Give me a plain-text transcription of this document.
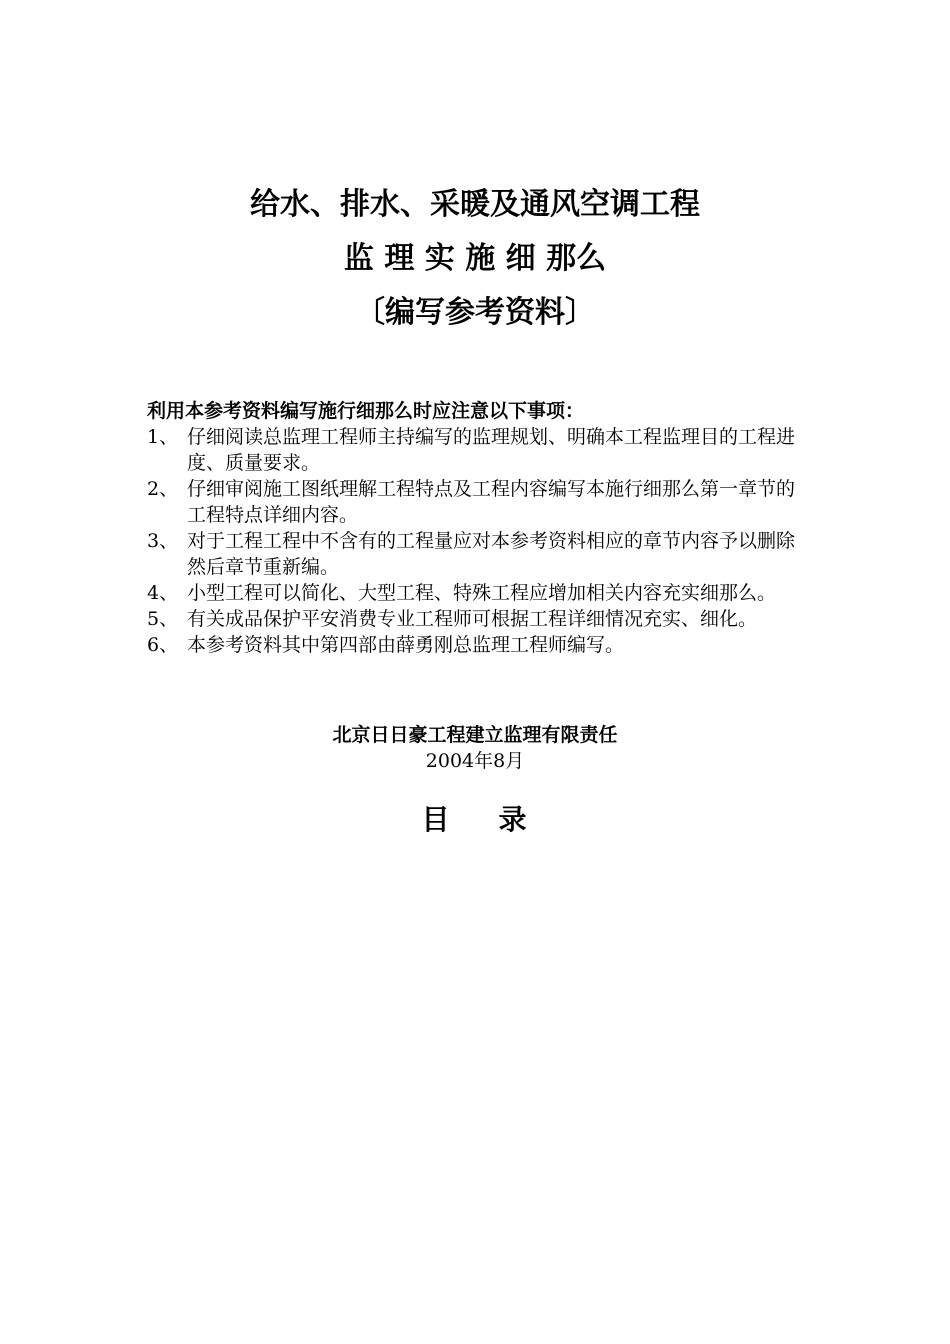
给水、排水、采暖及通风空调工程
监 理 实 施 细 那么
〔编写参考资料〕
利用本参考资料编写施行细那么时应注意以下事项：
1、 仔细阅读总监理工程师主持编写的监理规划、明确本工程监理目的工程进度、质量要求。
2、 仔细审阅施工图纸理解工程特点及工程内容编写本施行细那么第一章节的工程特点详细内容。
3、 对于工程工程中不含有的工程量应对本参考资料相应的章节内容予以删除然后章节重新编。
4、 小型工程可以简化、大型工程、特殊工程应增加相关内容充实细那么。
5、 有关成品保护平安消费专业工程师可根据工程详细情况充实、细化。
6、 本参考资料其中第四部由薛勇刚总监理工程师编写。
北京日日豪工程建立监理有限责任
2004年8月
目    录
